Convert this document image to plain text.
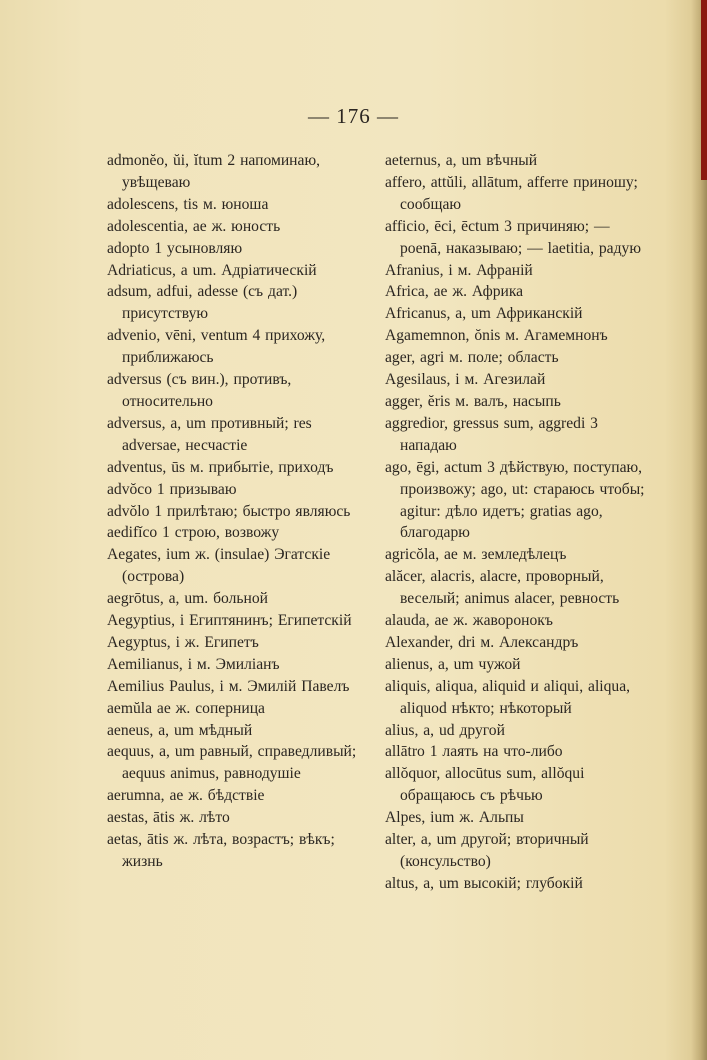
— 176 —
admonĕo, ŭi, ĭtum 2 напоминаю, увѣщеваю
adolescens, tis м. юноша
adolescentia, ae ж. юность
adopto 1 усыновляю
Adriaticus, a um. Адріатическій
adsum, adfui, adesse (съ дат.) присутствую
advenio, vēni, ventum 4 прихожу, приближаюсь
adversus (съ вин.), противъ, относительно
adversus, a, um противный; res adversae, несчастіе
adventus, ūs м. прибытіе, приходъ
advŏco 1 призываю
advŏlo 1 прилѣтаю; быстро являюсь
aedifĭco 1 строю, возвожу
Aegates, ium ж. (insulae) Эгатскіе (острова)
aegrōtus, a, um. больной
Aegyptius, i Египтянинъ; Египетскій
Aegyptus, i ж. Египетъ
Aemilianus, i м. Эмиліанъ
Aemilius Paulus, i м. Эмилій Павелъ
aemŭla ae ж. соперница
aeneus, a, um мѣдный
aequus, a, um равный, справедливый; aequus animus, равнодушіе
aerumna, ae ж. бѣдствіе
aestas, ātis ж. лѣто
aetas, ātis ж. лѣта, возрастъ; вѣкъ; жизнь
aeternus, a, um вѣчный
affero, attŭli, allātum, afferre приношу; сообщаю
afficio, ēci, ēctum 3 причиняю; — poenā, наказываю; — laetitia, радую
Afranius, i м. Афраній
Africa, ae ж. Африка
Africanus, a, um Африканскій
Agamemnon, ŏnis м. Агамемнонъ
ager, agri м. поле; область
Agesilaus, i м. Агезилай
agger, ĕris м. валъ, насыпь
aggredior, gressus sum, aggredi 3 нападаю
ago, ēgi, actum 3 дѣйствую, поступаю, произвожу; ago, ut: стараюсь чтобы; agitur: дѣло идетъ; gratias ago, благодарю
agricŏla, ae м. земледѣлецъ
alăcer, alacris, alacre, проворный, веселый; animus alacer, ревность
alauda, ae ж. жаворонокъ
Alexander, dri м. Александръ
alienus, a, um чужой
aliquis, aliqua, aliquid и aliqui, aliqua, aliquod нѣкто; нѣкоторый
alius, a, ud другой
allātro 1 лаять на что-либо
allŏquor, allocūtus sum, allŏqui обращаюсь съ рѣчью
Alpes, ium ж. Альпы
alter, a, um другой; вторичный (консульство)
altus, a, um высокій; глубокій
